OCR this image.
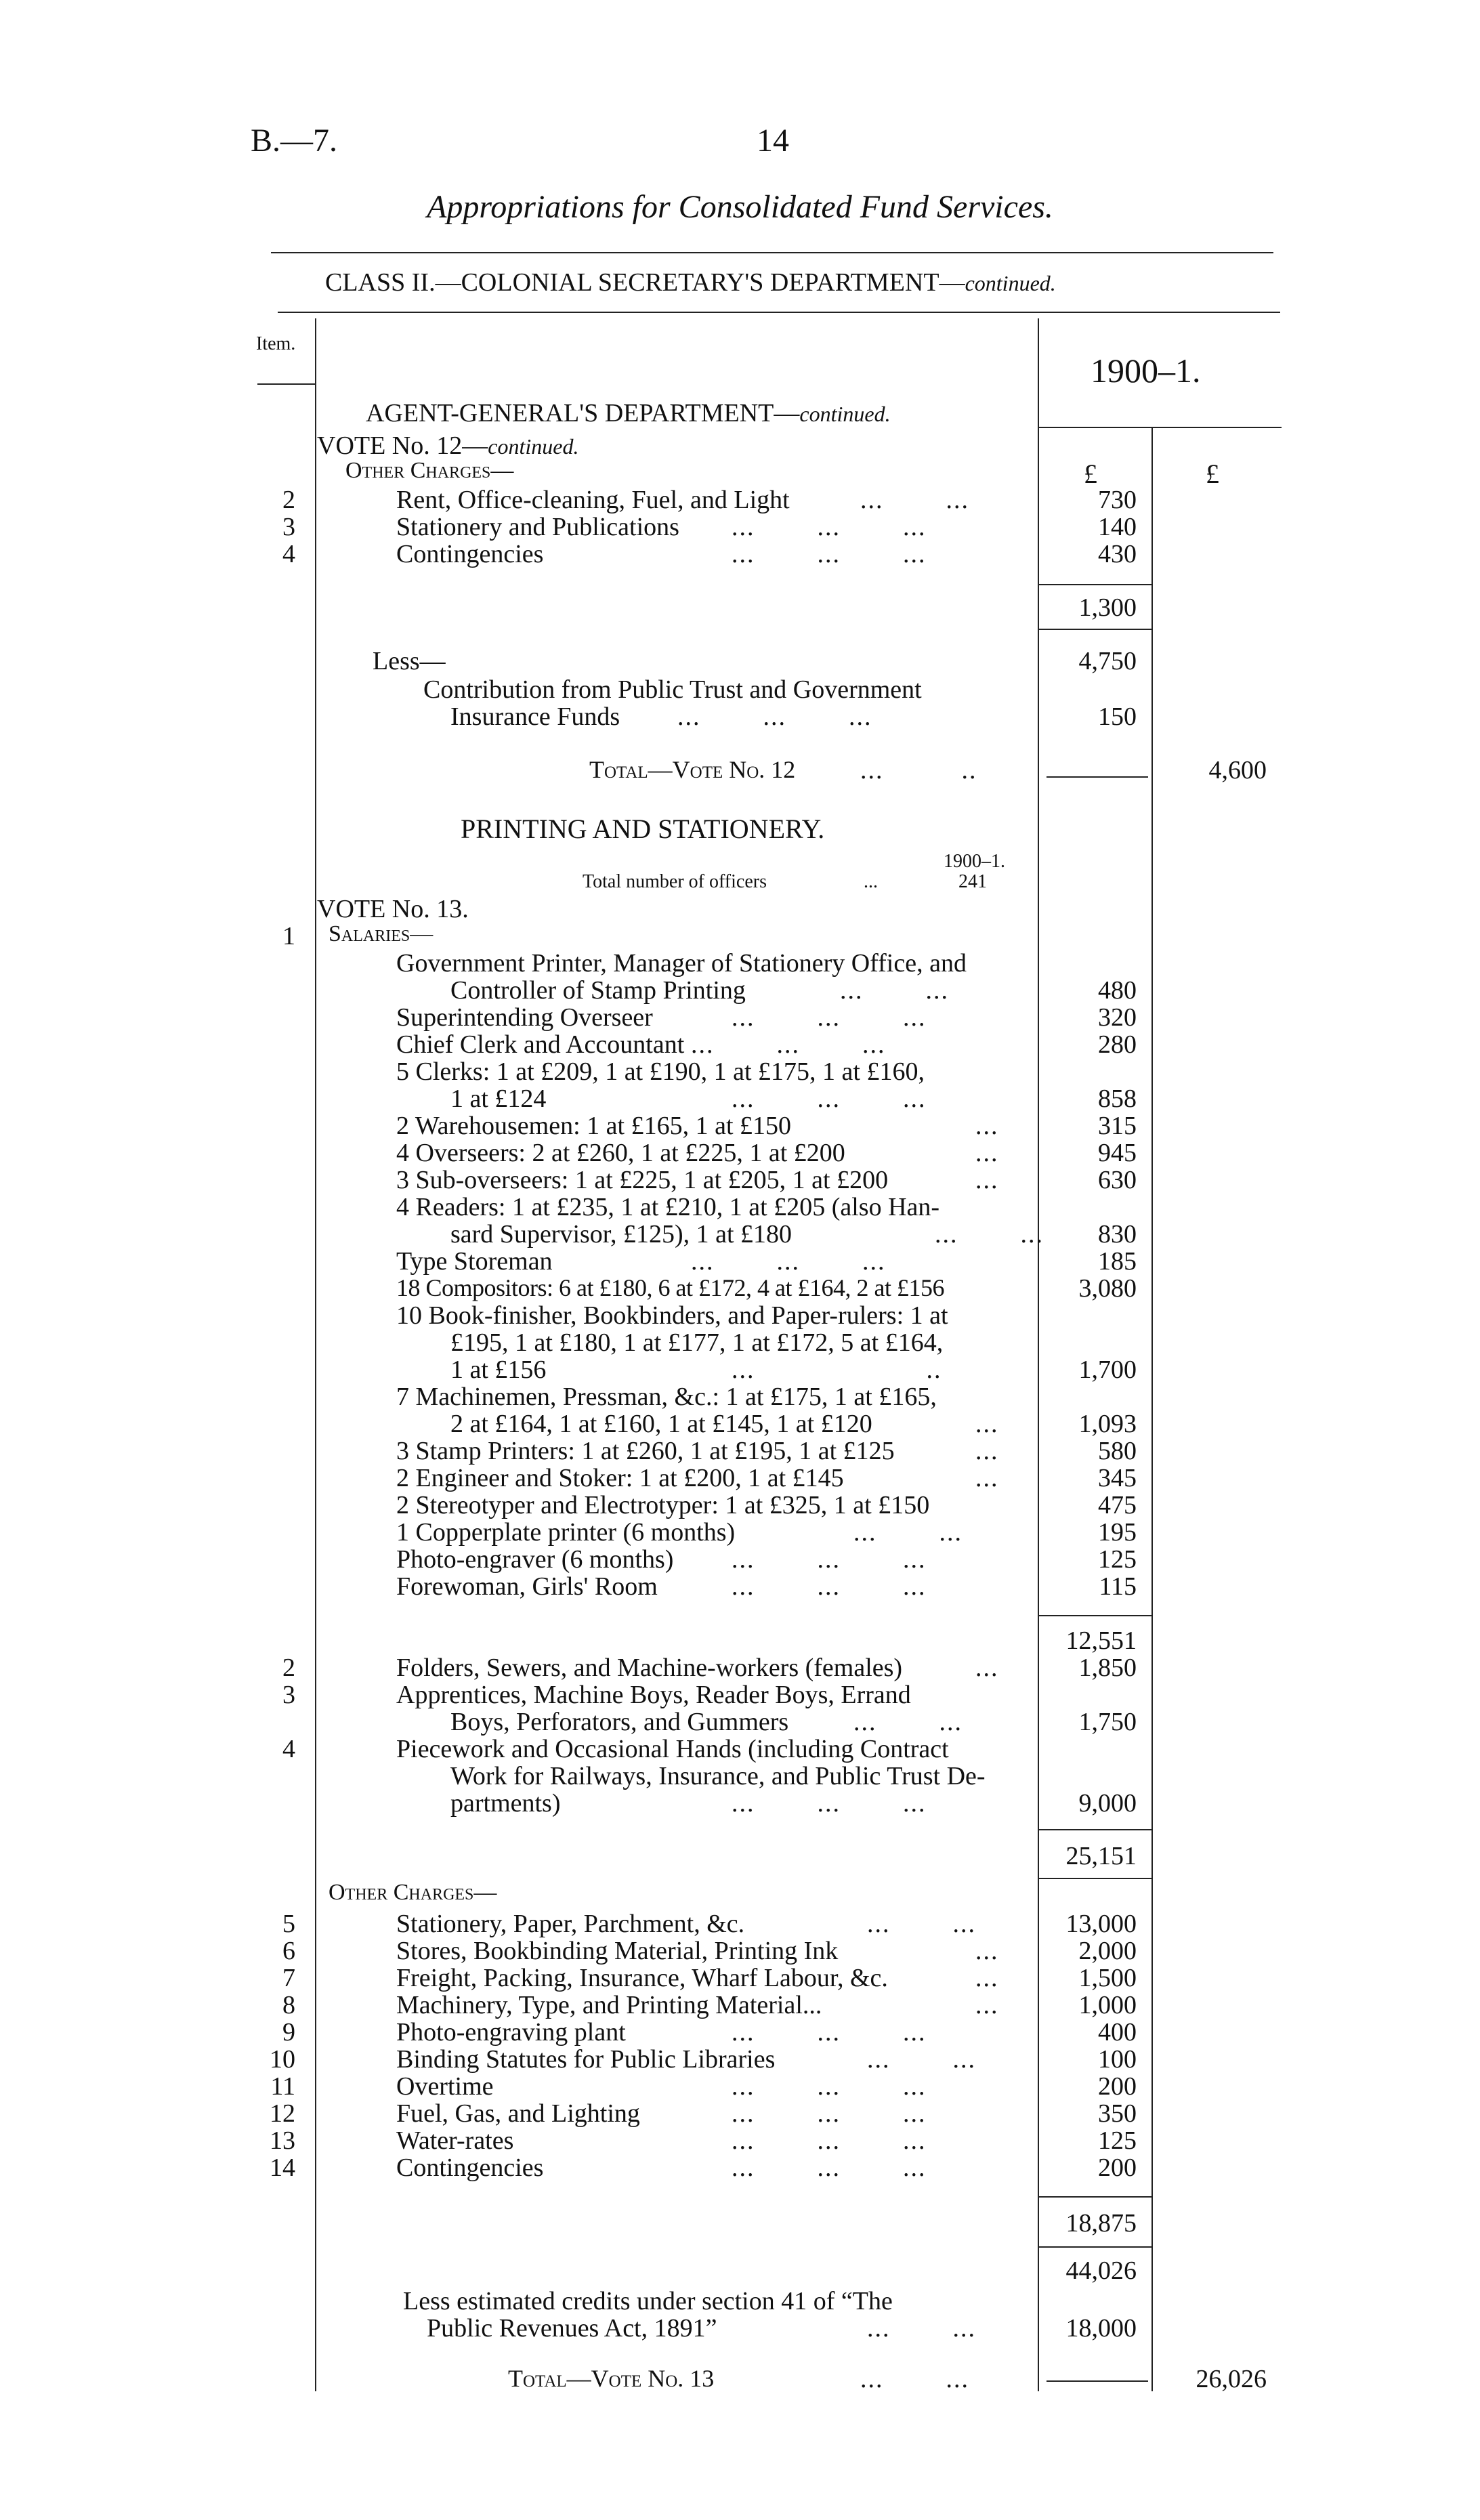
B.—7.	14
Appropriations for Consolidated Fund Services.
CLASS II.—COLONIAL SECRETARY'S DEPARTMENT—continued.
Item.
1900–1.
AGENT-GENERAL'S DEPARTMENT—continued.
VOTE No. 12—continued.
Other Charges—	£	£
2	Rent, Office-cleaning, Fuel, and Light	...        ...	730
3	Stationery and Publications ...        ...        ...	140
4	Contingencies	...        ...        ...	430
1,300
Less—	4,750
Contribution from Public Trust and Government
Insurance Funds ...        ...        ...	150
Total—Vote No. 12	...          ..	4,600
PRINTING AND STATIONERY.
1900–1.
Total number of officers	...	241
VOTE No. 13.
1 Salaries—
Government Printer, Manager of Stationery Office, and
Controller of Stamp Printing	...        ...	480
Superintending Overseer	...        ...        ...	320
Chief Clerk and Accountant ...        ...        ...	280
5 Clerks: 1 at £209, 1 at £190, 1 at £175, 1 at £160,
1 at £124	...        ...        ...	858
2 Warehousemen: 1 at £165, 1 at £150	...	315
4 Overseers: 2 at £260, 1 at £225, 1 at £200	...	945
3 Sub-overseers: 1 at £225, 1 at £205, 1 at £200	...	630
4 Readers: 1 at £235, 1 at £210, 1 at £205 (also Han-
sard Supervisor, £125), 1 at £180	...        ...	830
Type Storeman	...        ...        ...	185
18 Compositors: 6 at £180, 6 at £172, 4 at £164, 2 at £156	3,080
10 Book-finisher, Bookbinders, and Paper-rulers: 1 at
£195, 1 at £180, 1 at £177, 1 at £172, 5 at £164,
1 at £156	...                      ..	1,700
7 Machinemen, Pressman, &c.: 1 at £175, 1 at £165,
2 at £164, 1 at £160, 1 at £145, 1 at £120	...	1,093
3 Stamp Printers: 1 at £260, 1 at £195, 1 at £125	...	580
2 Engineer and Stoker: 1 at £200, 1 at £145	...	345
2 Stereotyper and Electrotyper: 1 at £325, 1 at £150	475
1 Copperplate printer (6 months)	...        ...	195
Photo-engraver (6 months) ...        ...        ...	125
Forewoman, Girls' Room	...        ...        ...	115
12,551
2	Folders, Sewers, and Machine-workers (females)	...	1,850
3	Apprentices, Machine Boys, Reader Boys, Errand
Boys, Perforators, and Gummers	...        ...	1,750
4	Piecework and Occasional Hands (including Contract
Work for Railways, Insurance, and Public Trust De-
partments)	...        ...        ...	9,000
25,151
Other Charges—
5	Stationery, Paper, Parchment, &c.	...        ...	13,000
6	Stores, Bookbinding Material, Printing Ink	...	2,000
7	Freight, Packing, Insurance, Wharf Labour, &c.	...	1,500
8	Machinery, Type, and Printing Material...	...	1,000
9	Photo-engraving plant	...        ...        ...	400
10	Binding Statutes for Public Libraries	...        ...	100
11	Overtime	...        ...        ...	200
12	Fuel, Gas, and Lighting	...        ...        ...	350
13	Water-rates	...        ...        ...	125
14	Contingencies	...        ...        ...	200
18,875
44,026
Less estimated credits under section 41 of “The
Public Revenues Act, 1891”	...        ...	18,000
Total—Vote No. 13	...        ...	26,026
